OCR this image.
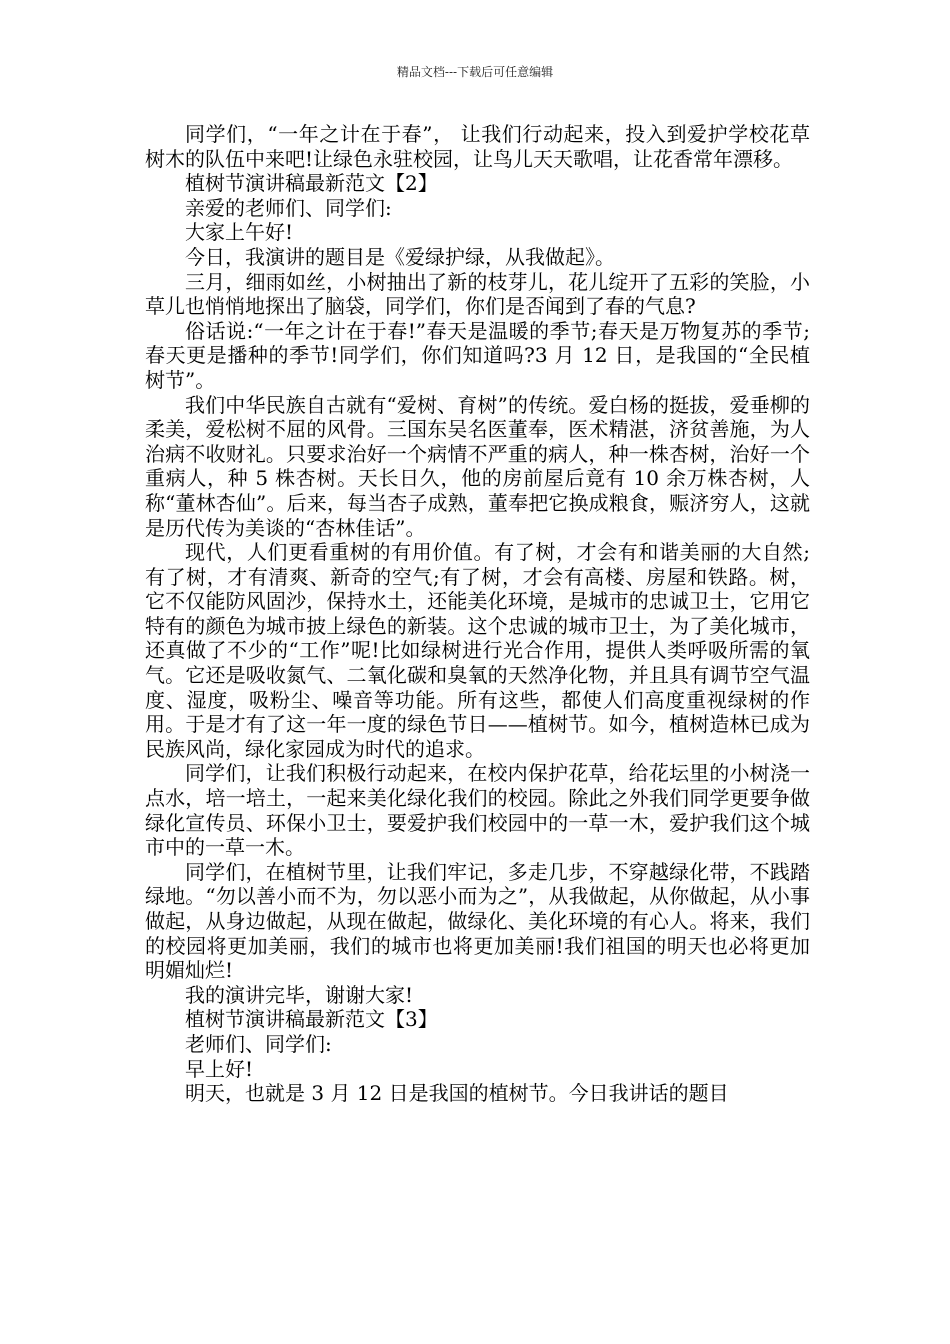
精品文档---下载后可任意编辑

同学们，“一年之计在于春”， 让我们行动起来，投入到爱护学校花草树木的队伍中来吧!让绿色永驻校园，让鸟儿天天歌唱，让花香常年漂移。

植树节演讲稿最新范文【2】

亲爱的老师们、同学们:

大家上午好!

今日，我演讲的题目是《爱绿护绿，从我做起》。

三月，细雨如丝，小树抽出了新的枝芽儿，花儿绽开了五彩的笑脸，小草儿也悄悄地探出了脑袋，同学们，你们是否闻到了春的气息?

俗话说:“一年之计在于春!”春天是温暖的季节;春天是万物复苏的季节;春天更是播种的季节!同学们，你们知道吗?3 月 12 日，是我国的“全民植树节”。

我们中华民族自古就有“爱树、育树”的传统。爱白杨的挺拔，爱垂柳的柔美，爱松树不屈的风骨。三国东吴名医董奉，医术精湛，济贫善施，为人治病不收财礼。只要求治好一个病情不严重的病人，种一株杏树，治好一个重病人，种 5 株杏树。天长日久，他的房前屋后竟有 10 余万株杏树，人称“董林杏仙”。后来，每当杏子成熟，董奉把它换成粮食，赈济穷人，这就是历代传为美谈的“杏林佳话”。

现代，人们更看重树的有用价值。有了树，才会有和谐美丽的大自然;有了树，才有清爽、新奇的空气;有了树，才会有高楼、房屋和铁路。树，它不仅能防风固沙，保持水土，还能美化环境，是城市的忠诚卫士，它用它特有的颜色为城市披上绿色的新装。这个忠诚的城市卫士，为了美化城市，还真做了不少的“工作”呢!比如绿树进行光合作用，提供人类呼吸所需的氧气。它还是吸收氮气、二氧化碳和臭氧的天然净化物，并且具有调节空气温度、湿度，吸粉尘、噪音等功能。所有这些，都使人们高度重视绿树的作用。于是才有了这一年一度的绿色节日——植树节。如今，植树造林已成为民族风尚，绿化家园成为时代的追求。

同学们，让我们积极行动起来，在校内保护花草，给花坛里的小树浇一点水，培一培土，一起来美化绿化我们的校园。除此之外我们同学更要争做绿化宣传员、环保小卫士，要爱护我们校园中的一草一木，爱护我们这个城市中的一草一木。

同学们，在植树节里，让我们牢记，多走几步，不穿越绿化带，不践踏绿地。“勿以善小而不为，勿以恶小而为之”，从我做起，从你做起，从小事做起，从身边做起，从现在做起，做绿化、美化环境的有心人。将来，我们的校园将更加美丽，我们的城市也将更加美丽!我们祖国的明天也必将更加明媚灿烂!

我的演讲完毕，谢谢大家!

植树节演讲稿最新范文【3】

老师们、同学们:

早上好!

明天，也就是 3 月 12 日是我国的植树节。今日我讲话的题目
